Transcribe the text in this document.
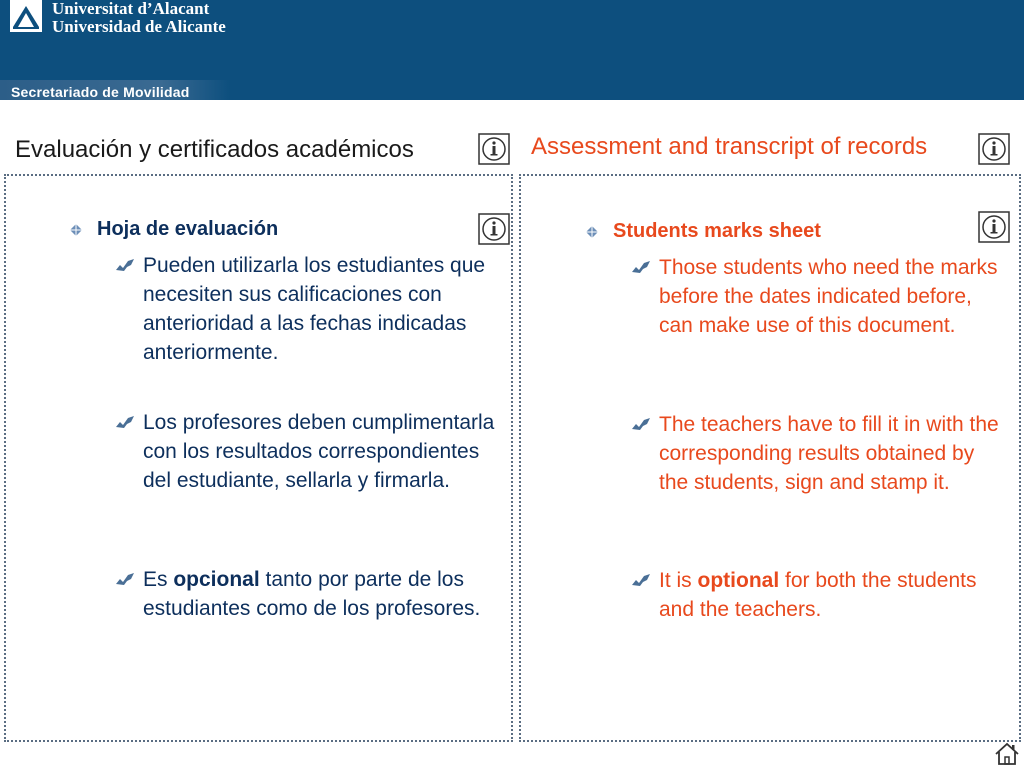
Universitat d’Alacant
Universidad de Alicante
Secretariado de Movilidad
Evaluación y certificados académicos	Assessment and transcript of records
Hoja de evaluación
Pueden utilizarla los estudiantes que necesiten sus calificaciones con anterioridad a las fechas indicadas anteriormente.
Los profesores deben cumplimentarla con los resultados correspondientes del estudiante, sellarla y firmarla.
Es opcional tanto por parte de los estudiantes como de los profesores.
Students marks sheet
Those students who need the marks before the dates indicated before, can make use of this document.
The teachers have to fill it in with the corresponding results obtained by the students, sign and stamp it.
It is optional for both the students and the teachers.
